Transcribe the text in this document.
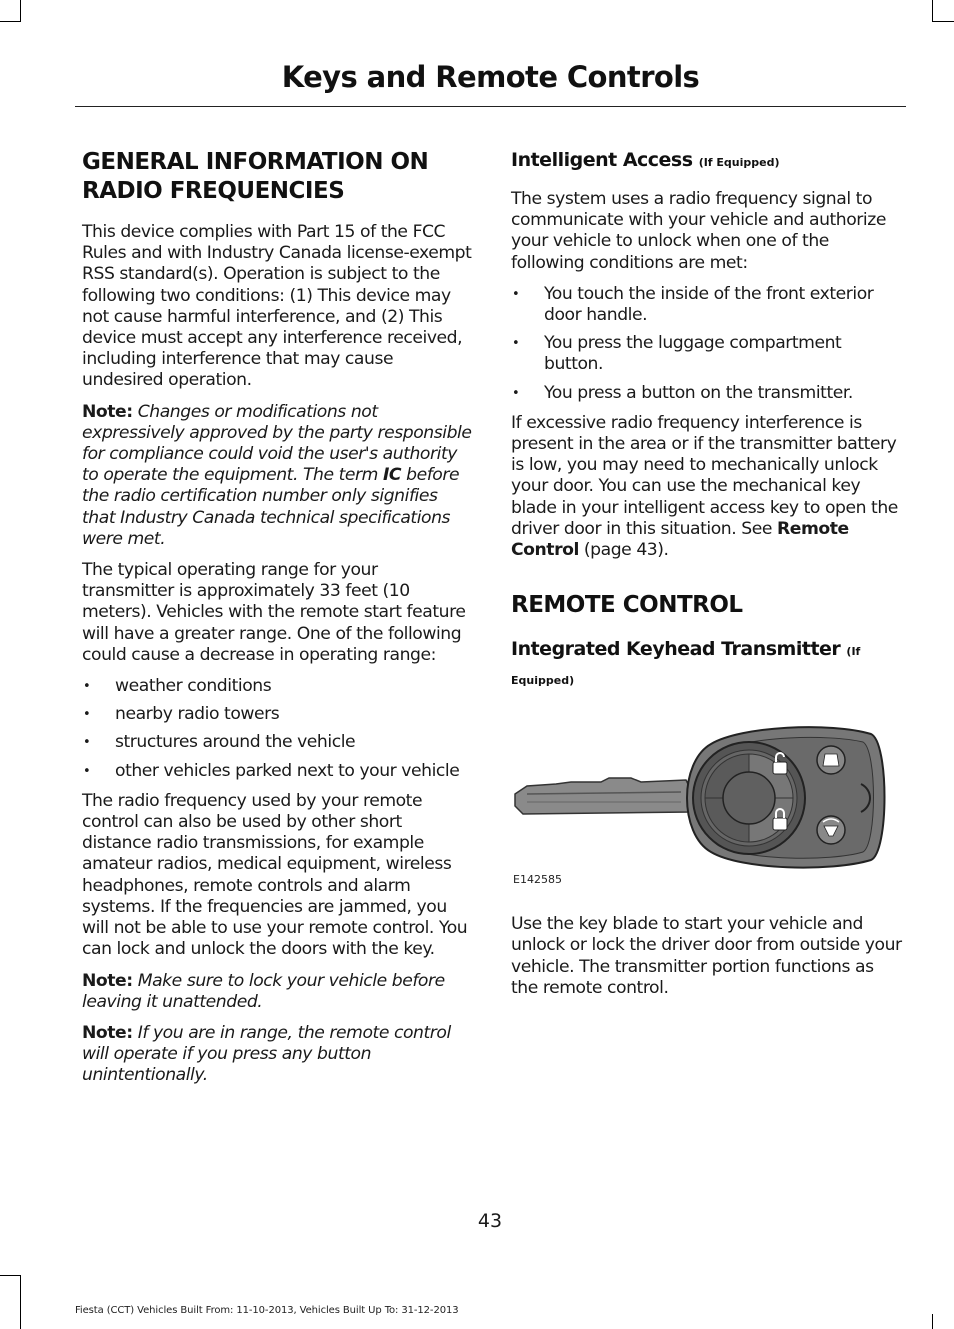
Keys and Remote Controls
GENERAL INFORMATION ON RADIO FREQUENCIES

This device complies with Part 15 of the FCC Rules and with Industry Canada license-exempt RSS standard(s). Operation is subject to the following two conditions: (1) This device may not cause harmful interference, and (2) This device must accept any interference received, including interference that may cause undesired operation.

Note: Changes or modifications not expressively approved by the party responsible for compliance could void the user's authority to operate the equipment. The term IC before the radio certification number only signifies that Industry Canada technical specifications were met.

The typical operating range for your transmitter is approximately 33 feet (10 meters). Vehicles with the remote start feature will have a greater range. One of the following could cause a decrease in operating range:

• weather conditions
• nearby radio towers
• structures around the vehicle
• other vehicles parked next to your vehicle

The radio frequency used by your remote control can also be used by other short distance radio transmissions, for example amateur radios, medical equipment, wireless headphones, remote controls and alarm systems. If the frequencies are jammed, you will not be able to use your remote control. You can lock and unlock the doors with the key.

Note: Make sure to lock your vehicle before leaving it unattended.

Note: If you are in range, the remote control will operate if you press any button unintentionally.

Intelligent Access (If Equipped)

The system uses a radio frequency signal to communicate with your vehicle and authorize your vehicle to unlock when one of the following conditions are met:

• You touch the inside of the front exterior door handle.
• You press the luggage compartment button.
• You press a button on the transmitter.

If excessive radio frequency interference is present in the area or if the transmitter battery is low, you may need to mechanically unlock your door. You can use the mechanical key blade in your intelligent access key to open the driver door in this situation. See Remote Control (page 43).

REMOTE CONTROL
Integrated Keyhead Transmitter (If
Equipped)
E142585

Use the key blade to start your vehicle and unlock or lock the driver door from outside your vehicle. The transmitter portion functions as the remote control.

43
Fiesta (CCT) Vehicles Built From: 11-10-2013, Vehicles Built Up To: 31-12-2013
